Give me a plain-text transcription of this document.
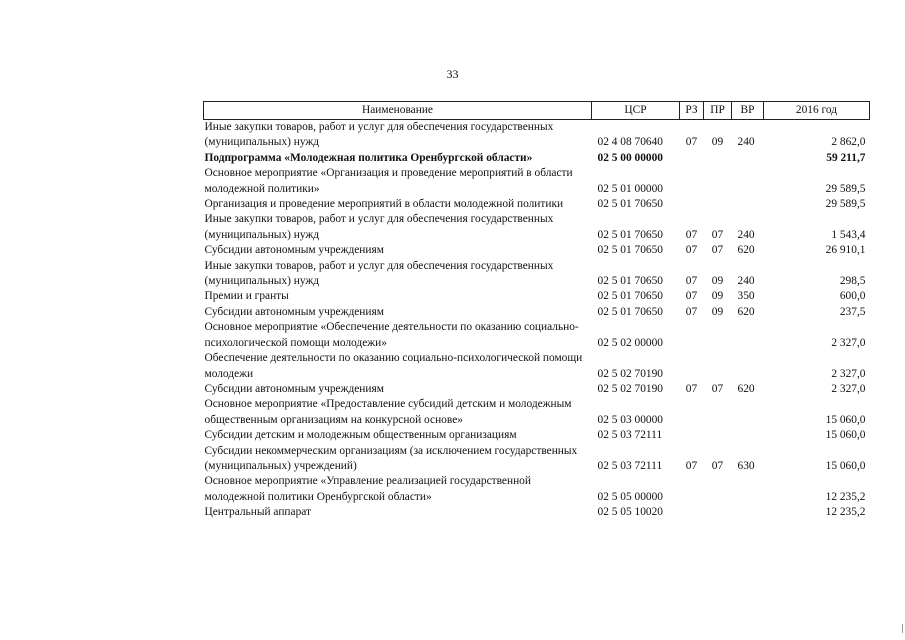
33
Наименование	ЦСР	РЗ	ПР	ВР	2016 год
Иные закупки товаров, работ и услуг для обеспечения государственных (муниципальных) нужд	02 4 08 70640	07	09	240	2 862,0
Подпрограмма «Молодежная политика Оренбургской области»	02 5 00 00000				59 211,7
Основное мероприятие «Организация и проведение мероприятий в области молодежной политики»	02 5 01 00000				29 589,5
Организация и проведение мероприятий в области молодежной политики	02 5 01 70650				29 589,5
Иные закупки товаров, работ и услуг для обеспечения государственных (муниципальных) нужд	02 5 01 70650	07	07	240	1 543,4
Субсидии автономным учреждениям	02 5 01 70650	07	07	620	26 910,1
Иные закупки товаров, работ и услуг для обеспечения государственных (муниципальных) нужд	02 5 01 70650	07	09	240	298,5
Премии и гранты	02 5 01 70650	07	09	350	600,0
Субсидии автономным учреждениям	02 5 01 70650	07	09	620	237,5
Основное мероприятие «Обеспечение деятельности по оказанию социально-психологической помощи молодежи»	02 5 02 00000				2 327,0
Обеспечение деятельности по оказанию социально-психологической помощи молодежи	02 5 02 70190				2 327,0
Субсидии автономным учреждениям	02 5 02 70190	07	07	620	2 327,0
Основное мероприятие «Предоставление субсидий детским и молодежным общественным организациям на конкурсной основе»	02 5 03 00000				15 060,0
Субсидии детским и молодежным общественным организациям	02 5 03 72111				15 060,0
Субсидии некоммерческим организациям (за исключением государственных (муниципальных) учреждений)	02 5 03 72111	07	07	630	15 060,0
Основное мероприятие «Управление реализацией государственной молодежной политики Оренбургской области»	02 5 05 00000				12 235,2
Центральный аппарат	02 5 05 10020				12 235,2
